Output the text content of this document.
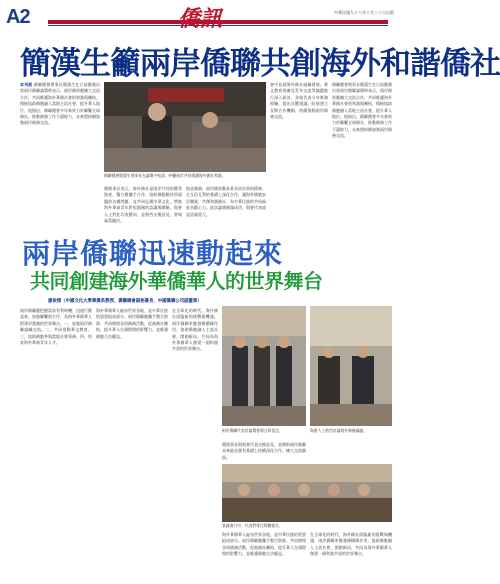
A2	僑訊	中華民國九十八年十月三十日出版
簡漢生籲兩岸僑聯共創海外和諧僑社
本刊訊 僑聯總會理事長簡漢生在日前應邀出席兩岸僑聯論壇時表示，兩岸僑界應擴大交流合作，共同維護海外華僑社會的和諧與團結，積極協助僑胞融入當地主流社會，提升華人地位。他指出，僑聯總會多年來致力於聯繫全球僑社，推動僑務工作不遺餘力，未來將持續加強兩岸僑務交流。
僑聯總會簡漢生理事長在論壇中致詞，呼籲兩岸共同維護海外僑社和諧。
簡理事長表示，海外僑社是兩岸共同的寶貴資產，雙方應攜手合作，協助僑胞解決所面臨的各種問題，並共同弘揚中華文化，增進海外華裔青年對祖籍國的認識與瞭解。與會人士對此均表贊同，並熱烈交換意見，會場氣氛融洽。
他並強調，兩岸僑界應本著求同存異的精神，在互信互利的基礎上深化合作，讓海外僑胞安居樂業，共創和諧僑社，為中華民族的共同福祉貢獻心力。此次論壇圓滿成功，與會代表咸認意義重大。
會中並就海外僑社組織發展、華文教育推廣及青年交流等議題進行深入研討，各地代表分享實務經驗，提出具體建議，盼能建立長期合作機制，持續推動兩岸僑務交流。
僑聯總會理事長簡漢生在日前應邀出席兩岸僑聯論壇時表示，兩岸僑界應擴大交流合作，共同維護海外華僑社會的和諧與團結，積極協助僑胞融入當地主流社會，提升華人地位。他指出，僑聯總會多年來致力於聯繫全球僑社，推動僑務工作不遺餘力，未來將持續加強兩岸僑務交流。
兩岸僑聯迅速動起來
共同創建海外華僑華人的世界舞台
廖俊傑（中國文化大學華僑系教授、僑聯總會副秘書長、中國僑聯公司副董事）
兩岸僑聯應把握當前有利時機，迅速行動起來，加強聯繫與合作，為海外華僑華人搭建更寬廣的世界舞台。一、加強兩岸僑聯組織交流。二、共同推動華文教育。三、協助僑胞參與當地社會事務。四、培育海外華裔青年人才。
海外華僑華人遍布世界各地，是中華民族的重要組成部分。兩岸僑聯應攜手整合資源，共同辦理各項僑務活動，促進僑社團結，提升華人在國際間的影響力，並維護僑胞合法權益。
在全球化的時代，海外僑社面臨新的挑戰與機遇，兩岸僑聯更應發揮橋樑作用，協助僑胞融入主流社會，開創新局，共同為海外華僑華人創建一個和諧共榮的世界舞台。
兩岸僑聯代表於論壇會場合影留念。	與會人士熱烈討論海外僑務議題。
簡理事長與與會代表交換意見，並期盼兩岸僑聯未來能在既有基礎上持續深化合作，擴大交流層面。
會議進行中，代表們專注聆聽報告。
海外華僑華人遍布世界各地，是中華民族的重要組成部分。兩岸僑聯應攜手整合資源，共同辦理各項僑務活動，促進僑社團結，提升華人在國際間的影響力，並維護僑胞合法權益。
在全球化的時代，海外僑社面臨新的挑戰與機遇，兩岸僑聯更應發揮橋樑作用，協助僑胞融入主流社會，開創新局，共同為海外華僑華人創建一個和諧共榮的世界舞台。
